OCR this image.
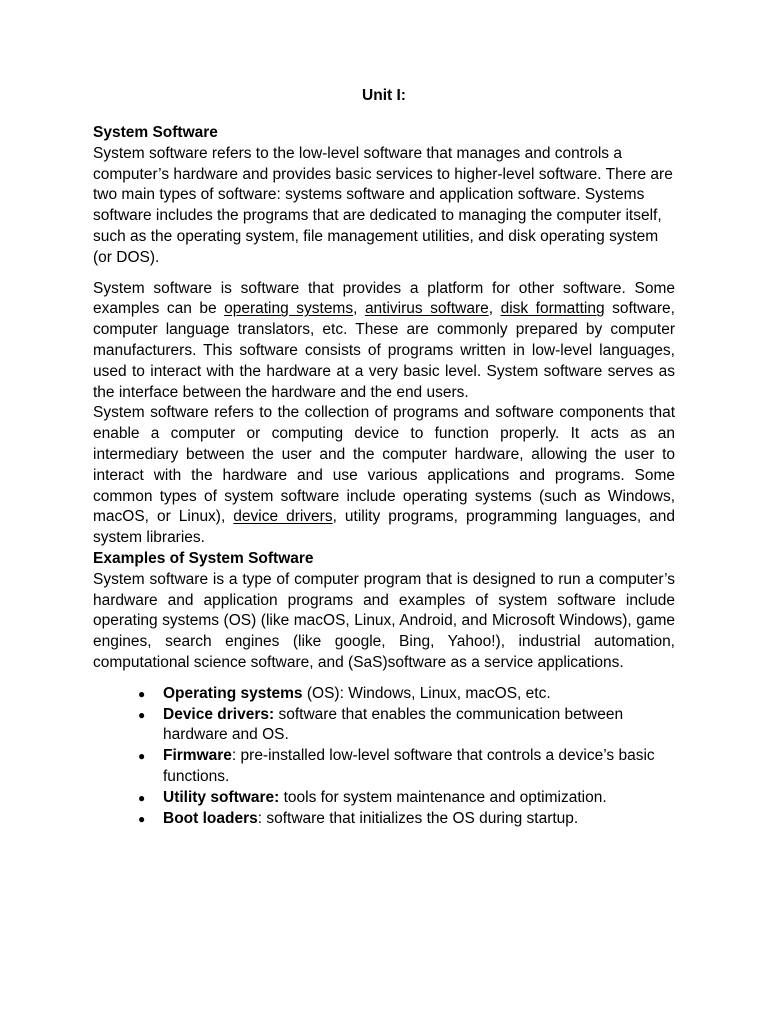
Unit I:
System Software

System software refers to the low-level software that manages and controls a computer’s hardware and provides basic services to higher-level software. There are two main types of software: systems software and application software. Systems software includes the programs that are dedicated to managing the computer itself, such as the operating system, file management utilities, and disk operating system (or DOS).

System software is software that provides a platform for other software. Some examples can be operating systems, antivirus software, disk formatting software, computer language translators, etc. These are commonly prepared by computer manufacturers. This software consists of programs written in low-level languages, used to interact with the hardware at a very basic level. System software serves as the interface between the hardware and the end users.

System software refers to the collection of programs and software components that enable a computer or computing device to function properly. It acts as an intermediary between the user and the computer hardware, allowing the user to interact with the hardware and use various applications and programs. Some common types of system software include operating systems (such as Windows, macOS, or Linux), device drivers, utility programs, programming languages, and system libraries.

Examples of System Software

System software is a type of computer program that is designed to run a computer’s hardware and application programs and examples of system software include operating systems (OS) (like macOS, Linux, Android, and Microsoft Windows), game engines, search engines (like google, Bing, Yahoo!), industrial automation, computational science software, and (SaS)software as a service applications.

● Operating systems (OS): Windows, Linux, macOS, etc.
● Device drivers: software that enables the communication between hardware and OS.
● Firmware: pre-installed low-level software that controls a device’s basic functions.
● Utility software: tools for system maintenance and optimization.
● Boot loaders: software that initializes the OS during startup.
